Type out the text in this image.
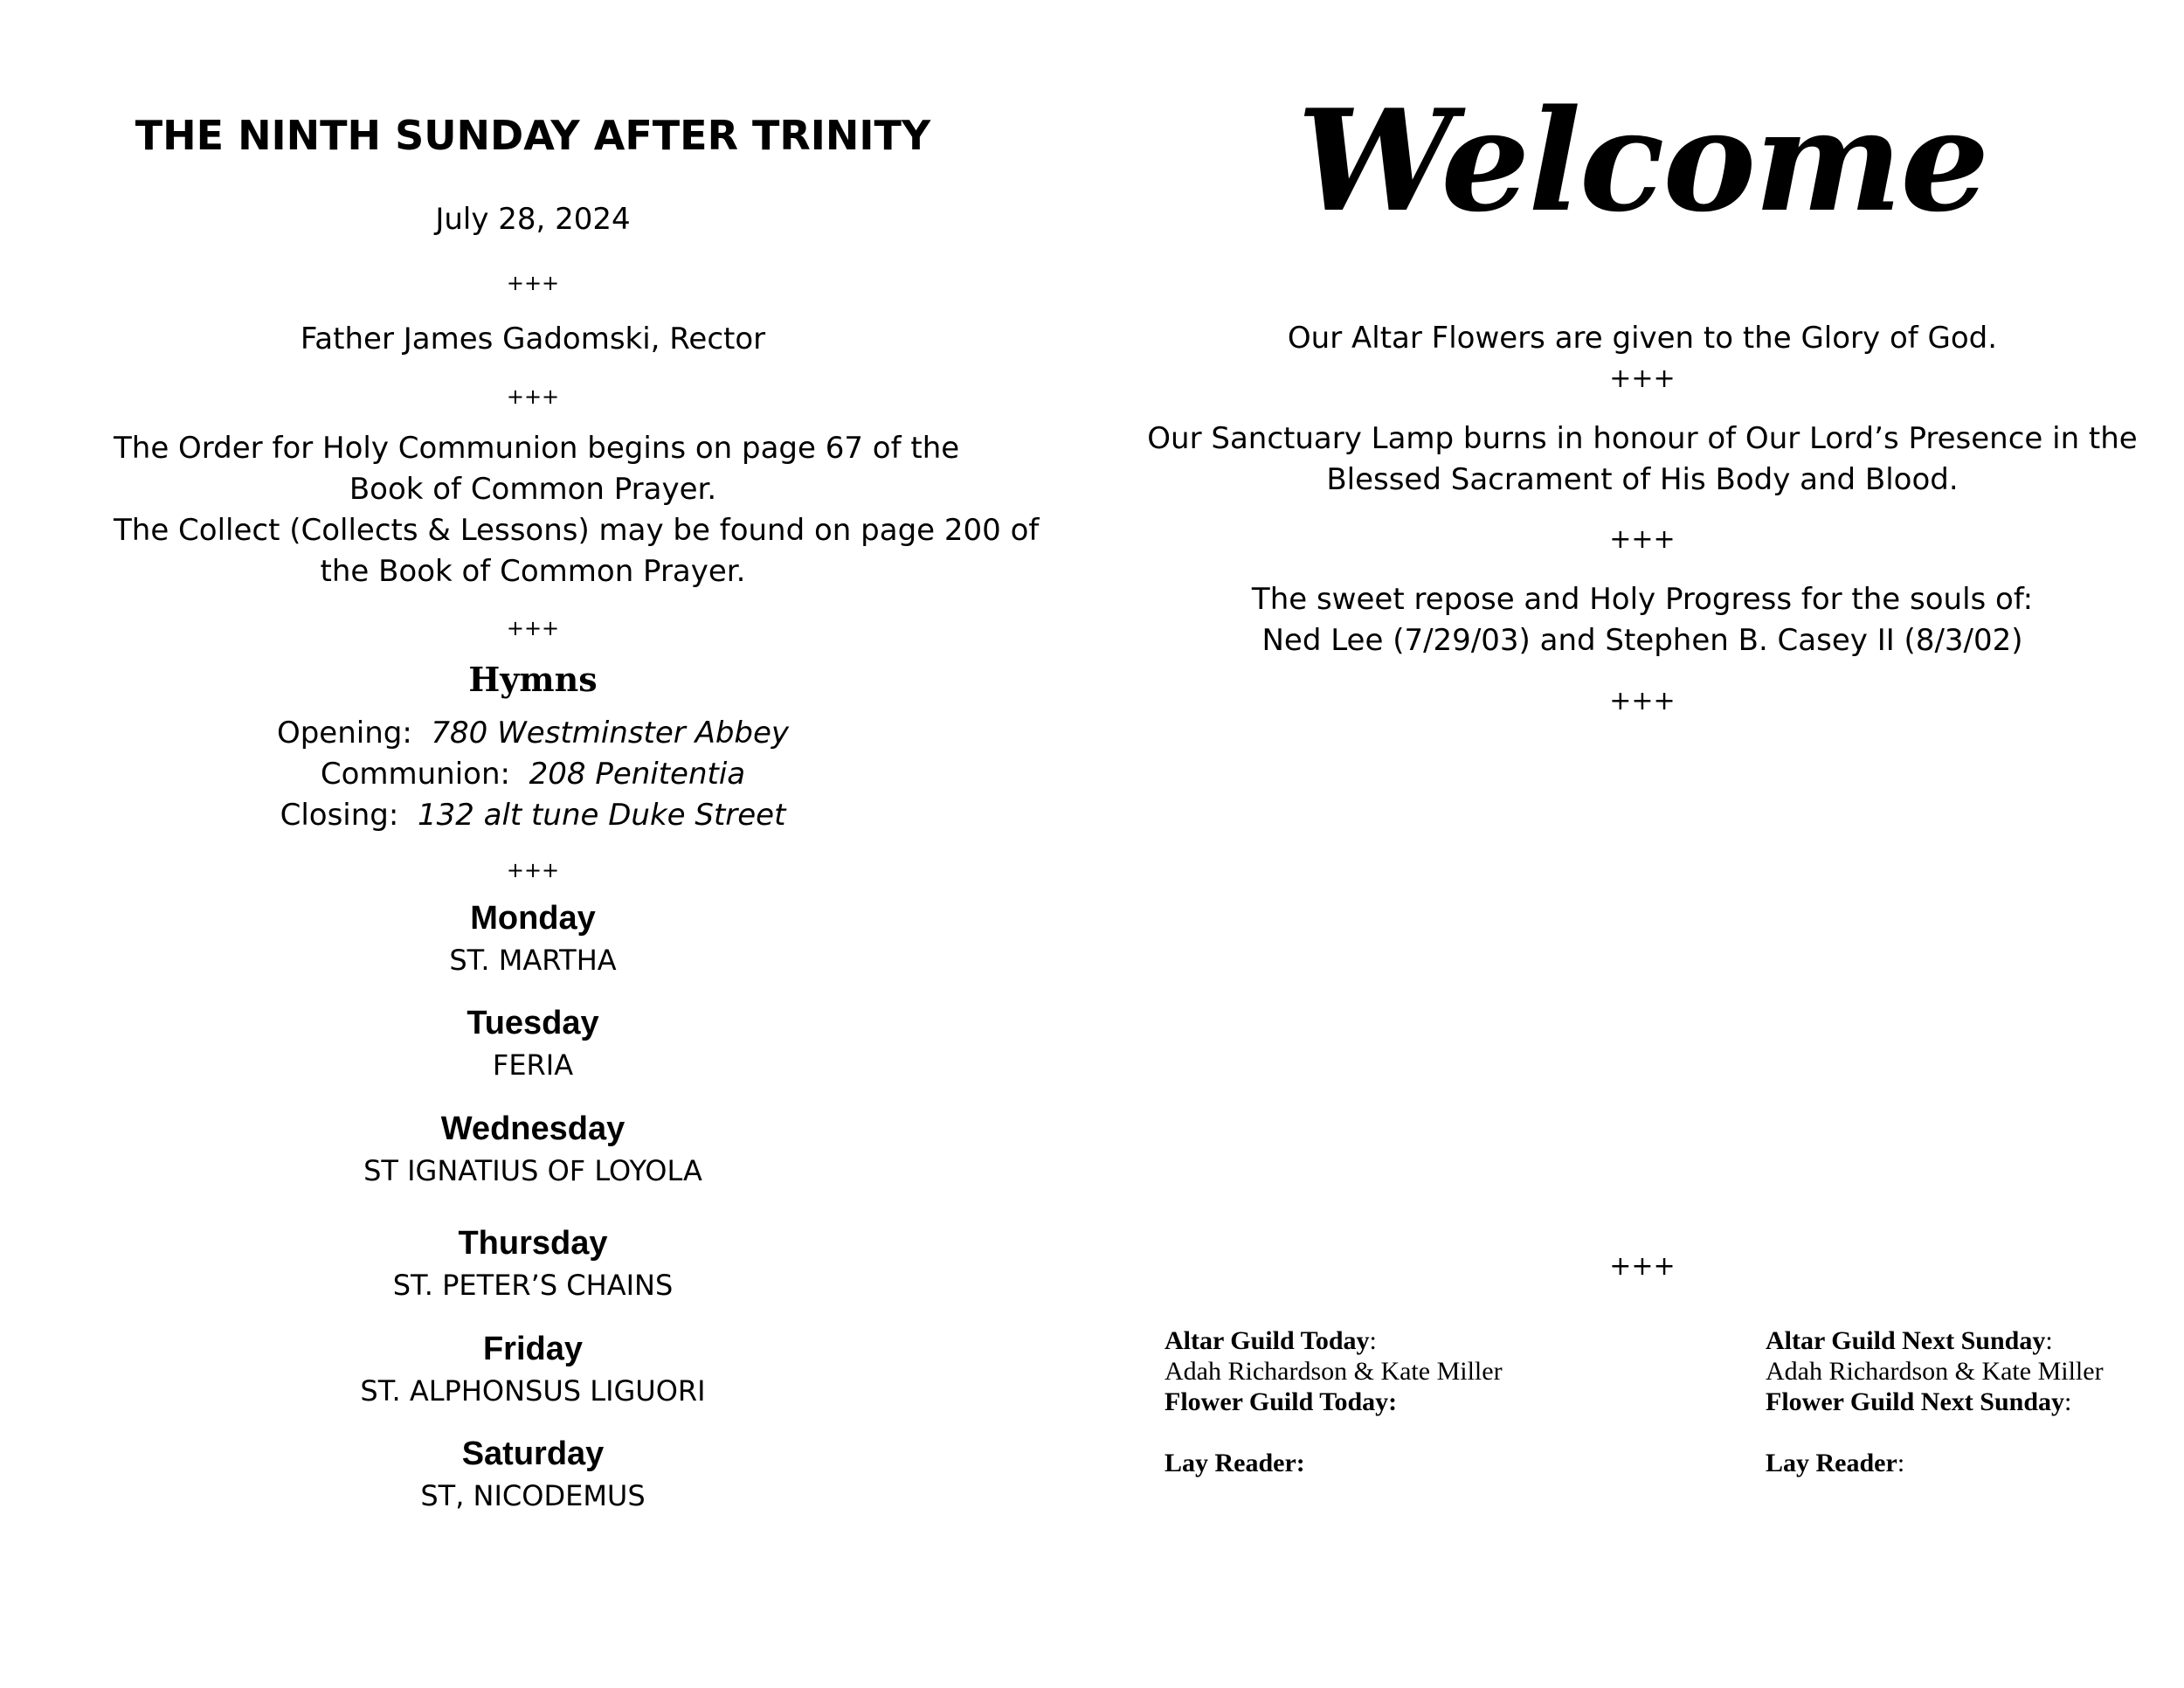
THE NINTH SUNDAY AFTER TRINITY
July 28, 2024
+++
Father James Gadomski, Rector
+++
The Order for Holy Communion begins on page 67 of the
Book of Common Prayer.
The Collect (Collects & Lessons) may be found on page 200 of
the Book of Common Prayer.
+++
Hymns
Opening: 780 Westminster Abbey
Communion: 208 Penitentia
Closing: 132 alt tune Duke Street
+++
Monday
ST. MARTHA
Tuesday
FERIA
Wednesday
ST IGNATIUS OF LOYOLA
Thursday
ST. PETER’S CHAINS
Friday
ST. ALPHONSUS LIGUORI
Saturday
ST, NICODEMUS
Welcome
Our Altar Flowers are given to the Glory of God.
+++
Our Sanctuary Lamp burns in honour of Our Lord’s Presence in the
Blessed Sacrament of His Body and Blood.
+++
The sweet repose and Holy Progress for the souls of:
Ned Lee (7/29/03) and Stephen B. Casey II (8/3/02)
+++
+++
Altar Guild Today:
Adah Richardson & Kate Miller
Flower Guild Today:

Lay Reader:
Altar Guild Next Sunday:
Adah Richardson & Kate Miller
Flower Guild Next Sunday:

Lay Reader:
